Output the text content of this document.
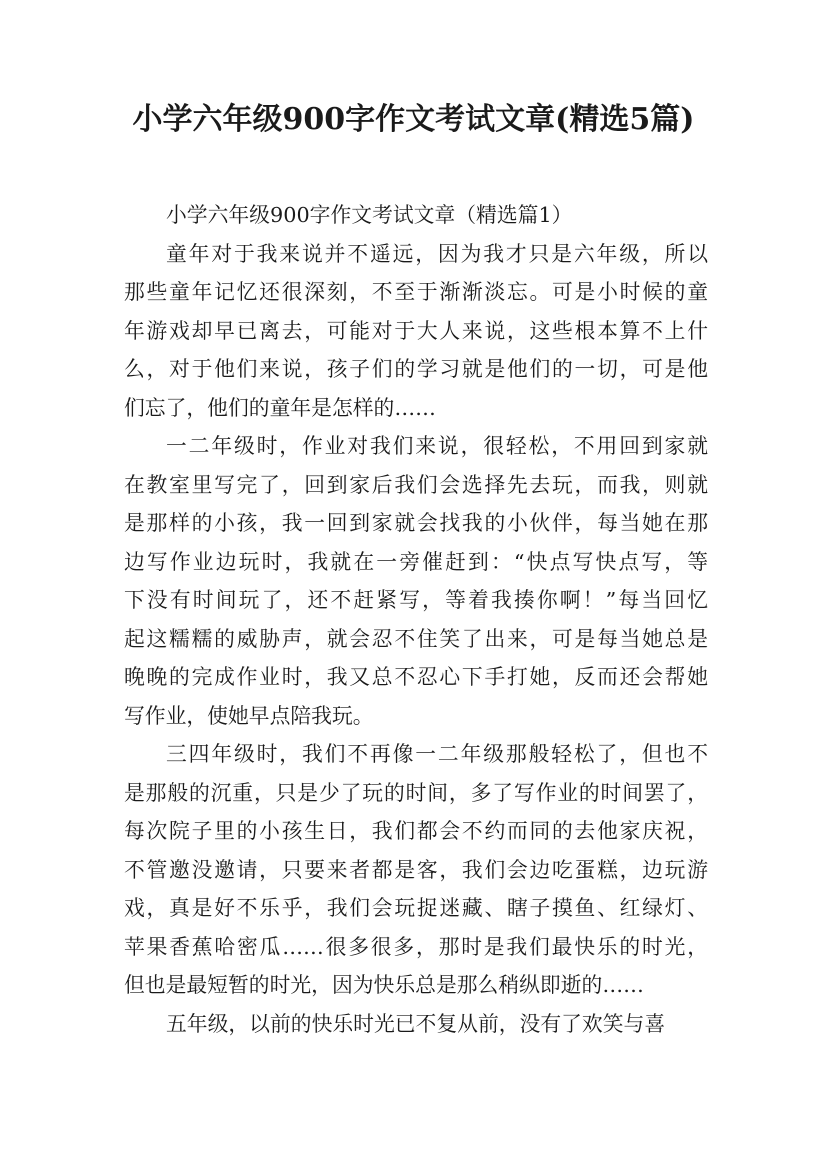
小学六年级900字作文考试文章(精选5篇)
小学六年级900字作文考试文章（精选篇1）
童年对于我来说并不遥远，因为我才只是六年级，所以
那些童年记忆还很深刻，不至于渐渐淡忘。可是小时候的童
年游戏却早已离去，可能对于大人来说，这些根本算不上什
么，对于他们来说，孩子们的学习就是他们的一切，可是他
们忘了，他们的童年是怎样的……
一二年级时，作业对我们来说，很轻松，不用回到家就
在教室里写完了，回到家后我们会选择先去玩，而我，则就
是那样的小孩，我一回到家就会找我的小伙伴，每当她在那
边写作业边玩时，我就在一旁催赶到：“快点写快点写，等
下没有时间玩了，还不赶紧写，等着我揍你啊！”每当回忆
起这糯糯的威胁声，就会忍不住笑了出来，可是每当她总是
晚晚的完成作业时，我又总不忍心下手打她，反而还会帮她
写作业，使她早点陪我玩。
三四年级时，我们不再像一二年级那般轻松了，但也不
是那般的沉重，只是少了玩的时间，多了写作业的时间罢了，
每次院子里的小孩生日，我们都会不约而同的去他家庆祝，
不管邀没邀请，只要来者都是客，我们会边吃蛋糕，边玩游
戏，真是好不乐乎，我们会玩捉迷藏、瞎子摸鱼、红绿灯、
苹果香蕉哈密瓜……很多很多，那时是我们最快乐的时光，
但也是最短暂的时光，因为快乐总是那么稍纵即逝的……
五年级，以前的快乐时光已不复从前，没有了欢笑与喜
